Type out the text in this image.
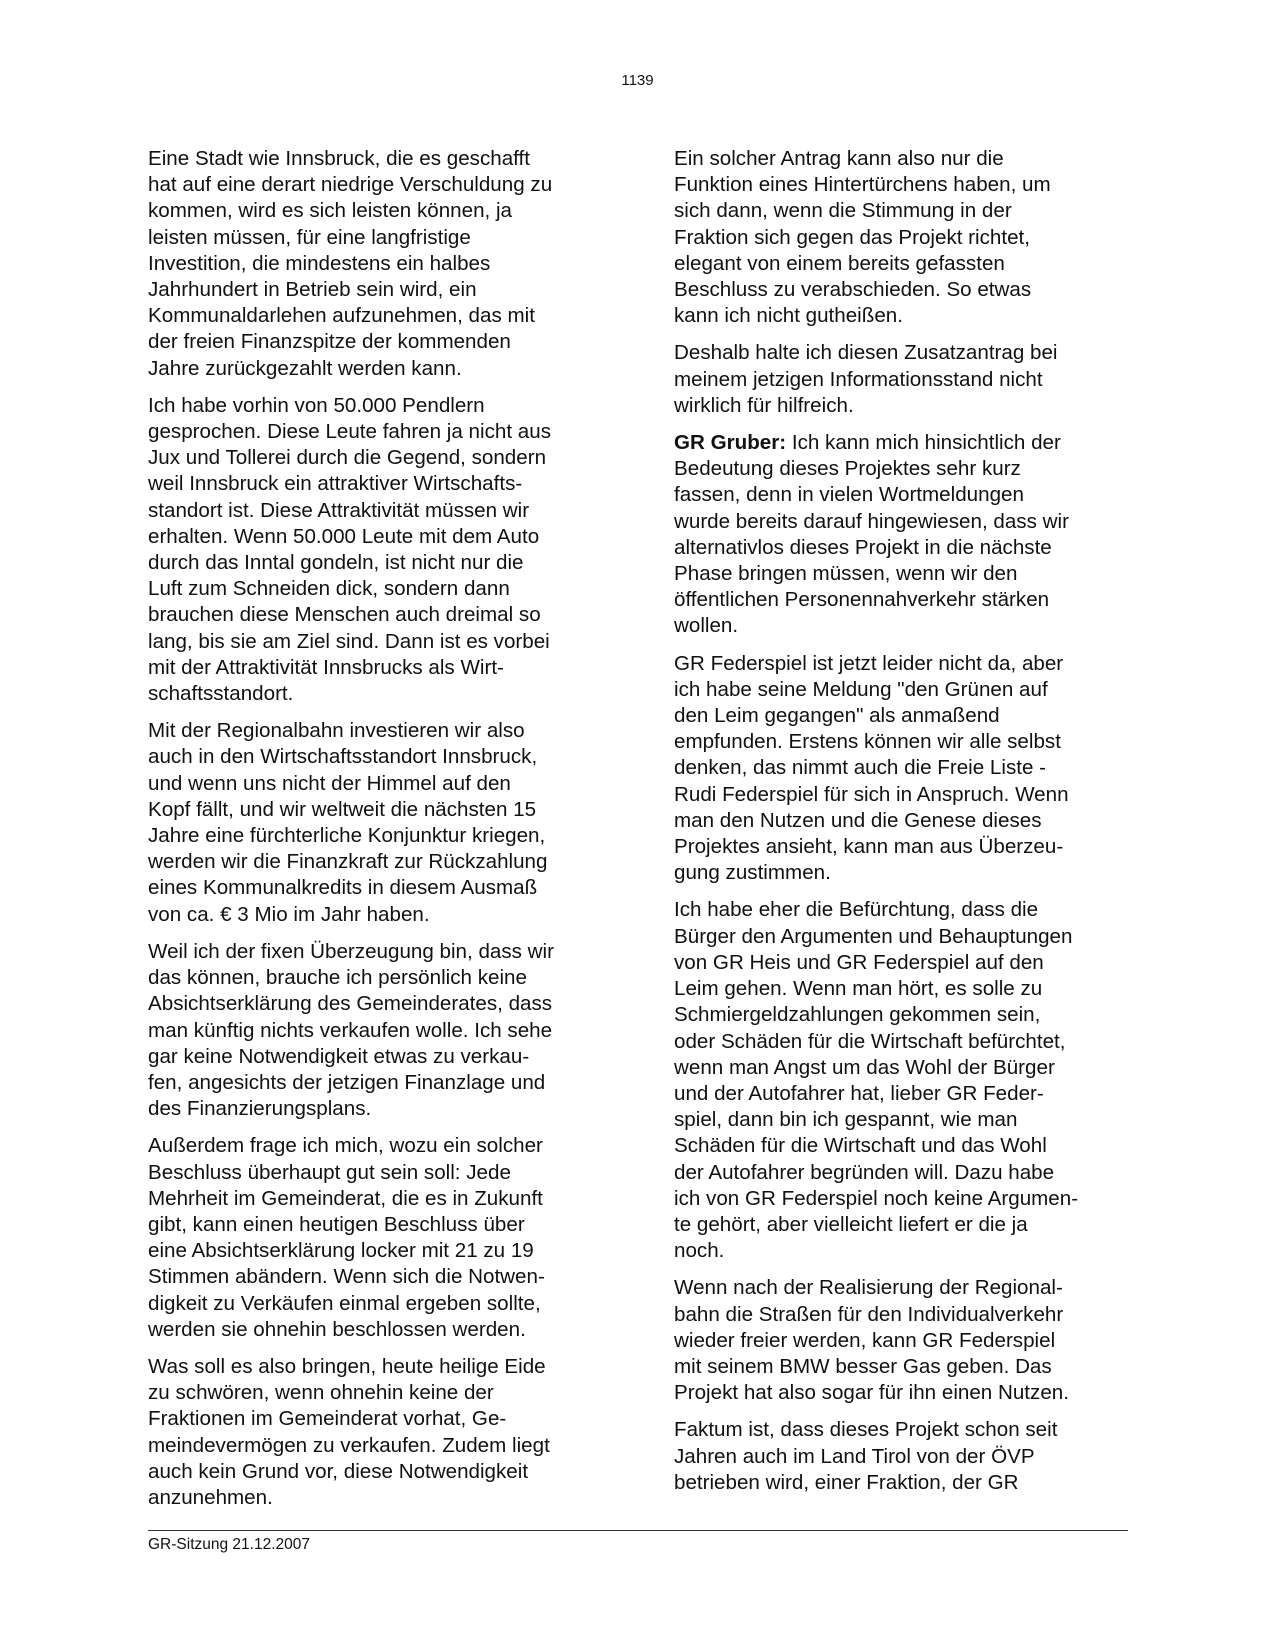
1139

Eine Stadt wie Innsbruck, die es geschafft
hat auf eine derart niedrige Verschuldung zu
kommen, wird es sich leisten können, ja
leisten müssen, für eine langfristige
Investition, die mindestens ein halbes
Jahrhundert in Betrieb sein wird, ein
Kommunaldarlehen aufzunehmen, das mit
der freien Finanzspitze der kommenden
Jahre zurückgezahlt werden kann.

Ich habe vorhin von 50.000 Pendlern
gesprochen. Diese Leute fahren ja nicht aus
Jux und Tollerei durch die Gegend, sondern
weil Innsbruck ein attraktiver Wirtschafts-
standort ist. Diese Attraktivität müssen wir
erhalten. Wenn 50.000 Leute mit dem Auto
durch das Inntal gondeln, ist nicht nur die
Luft zum Schneiden dick, sondern dann
brauchen diese Menschen auch dreimal so
lang, bis sie am Ziel sind. Dann ist es vorbei
mit der Attraktivität Innsbrucks als Wirt-
schaftsstandort.

Mit der Regionalbahn investieren wir also
auch in den Wirtschaftsstandort Innsbruck,
und wenn uns nicht der Himmel auf den
Kopf fällt, und wir weltweit die nächsten 15
Jahre eine fürchterliche Konjunktur kriegen,
werden wir die Finanzkraft zur Rückzahlung
eines Kommunalkredits in diesem Ausmaß
von ca. € 3 Mio im Jahr haben.

Weil ich der fixen Überzeugung bin, dass wir
das können, brauche ich persönlich keine
Absichtserklärung des Gemeinderates, dass
man künftig nichts verkaufen wolle. Ich sehe
gar keine Notwendigkeit etwas zu verkau-
fen, angesichts der jetzigen Finanzlage und
des Finanzierungsplans.

Außerdem frage ich mich, wozu ein solcher
Beschluss überhaupt gut sein soll: Jede
Mehrheit im Gemeinderat, die es in Zukunft
gibt, kann einen heutigen Beschluss über
eine Absichtserklärung locker mit 21 zu 19
Stimmen abändern. Wenn sich die Notwen-
digkeit zu Verkäufen einmal ergeben sollte,
werden sie ohnehin beschlossen werden.

Was soll es also bringen, heute heilige Eide
zu schwören, wenn ohnehin keine der
Fraktionen im Gemeinderat vorhat, Ge-
meindevermögen zu verkaufen. Zudem liegt
auch kein Grund vor, diese Notwendigkeit
anzunehmen.

Ein solcher Antrag kann also nur die
Funktion eines Hintertürchens haben, um
sich dann, wenn die Stimmung in der
Fraktion sich gegen das Projekt richtet,
elegant von einem bereits gefassten
Beschluss zu verabschieden. So etwas
kann ich nicht gutheißen.

Deshalb halte ich diesen Zusatzantrag bei
meinem jetzigen Informationsstand nicht
wirklich für hilfreich.

GR Gruber: Ich kann mich hinsichtlich der
Bedeutung dieses Projektes sehr kurz
fassen, denn in vielen Wortmeldungen
wurde bereits darauf hingewiesen, dass wir
alternativlos dieses Projekt in die nächste
Phase bringen müssen, wenn wir den
öffentlichen Personennahverkehr stärken
wollen.

GR Federspiel ist jetzt leider nicht da, aber
ich habe seine Meldung "den Grünen auf
den Leim gegangen" als anmaßend
empfunden. Erstens können wir alle selbst
denken, das nimmt auch die Freie Liste -
Rudi Federspiel für sich in Anspruch. Wenn
man den Nutzen und die Genese dieses
Projektes ansieht, kann man aus Überzeu-
gung zustimmen.

Ich habe eher die Befürchtung, dass die
Bürger den Argumenten und Behauptungen
von GR Heis und GR Federspiel auf den
Leim gehen. Wenn man hört, es solle zu
Schmiergeldzahlungen gekommen sein,
oder Schäden für die Wirtschaft befürchtet,
wenn man Angst um das Wohl der Bürger
und der Autofahrer hat, lieber GR Feder-
spiel, dann bin ich gespannt, wie man
Schäden für die Wirtschaft und das Wohl
der Autofahrer begründen will. Dazu habe
ich von GR Federspiel noch keine Argumen-
te gehört, aber vielleicht liefert er die ja
noch.

Wenn nach der Realisierung der Regional-
bahn die Straßen für den Individualverkehr
wieder freier werden, kann GR Federspiel
mit seinem BMW besser Gas geben. Das
Projekt hat also sogar für ihn einen Nutzen.

Faktum ist, dass dieses Projekt schon seit
Jahren auch im Land Tirol von der ÖVP
betrieben wird, einer Fraktion, der GR

GR-Sitzung 21.12.2007
